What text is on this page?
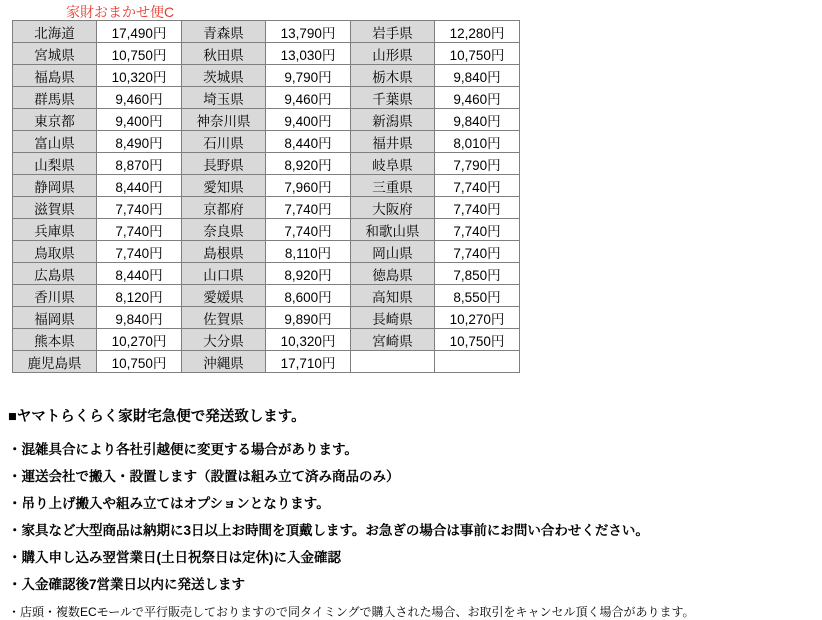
家財おまかせ便C
北海道	17,490円	青森県	13,790円	岩手県	12,280円
宮城県	10,750円	秋田県	13,030円	山形県	10,750円
福島県	10,320円	茨城県	9,790円	栃木県	9,840円
群馬県	9,460円	埼玉県	9,460円	千葉県	9,460円
東京都	9,400円	神奈川県	9,400円	新潟県	9,840円
富山県	8,490円	石川県	8,440円	福井県	8,010円
山梨県	8,870円	長野県	8,920円	岐阜県	7,790円
静岡県	8,440円	愛知県	7,960円	三重県	7,740円
滋賀県	7,740円	京都府	7,740円	大阪府	7,740円
兵庫県	7,740円	奈良県	7,740円	和歌山県	7,740円
鳥取県	7,740円	島根県	8,110円	岡山県	7,740円
広島県	8,440円	山口県	8,920円	徳島県	7,850円
香川県	8,120円	愛媛県	8,600円	高知県	8,550円
福岡県	9,840円	佐賀県	9,890円	長崎県	10,270円
熊本県	10,270円	大分県	10,320円	宮崎県	10,750円
鹿児島県	10,750円	沖縄県	17,710円		
■ヤマトらくらく家財宅急便で発送致します。
・混雑具合により各社引越便に変更する場合があります。
・運送会社で搬入・設置します（設置は組み立て済み商品のみ）
・吊り上げ搬入や組み立てはオプションとなります。
・家具など大型商品は納期に3日以上お時間を頂戴します。お急ぎの場合は事前にお問い合わせください。
・購入申し込み翌営業日(土日祝祭日は定休)に入金確認
・入金確認後7営業日以内に発送します
・店頭・複数ECモールで平行販売しておりますので同タイミングで購入された場合、お取引をキャンセル頂く場合があります。
